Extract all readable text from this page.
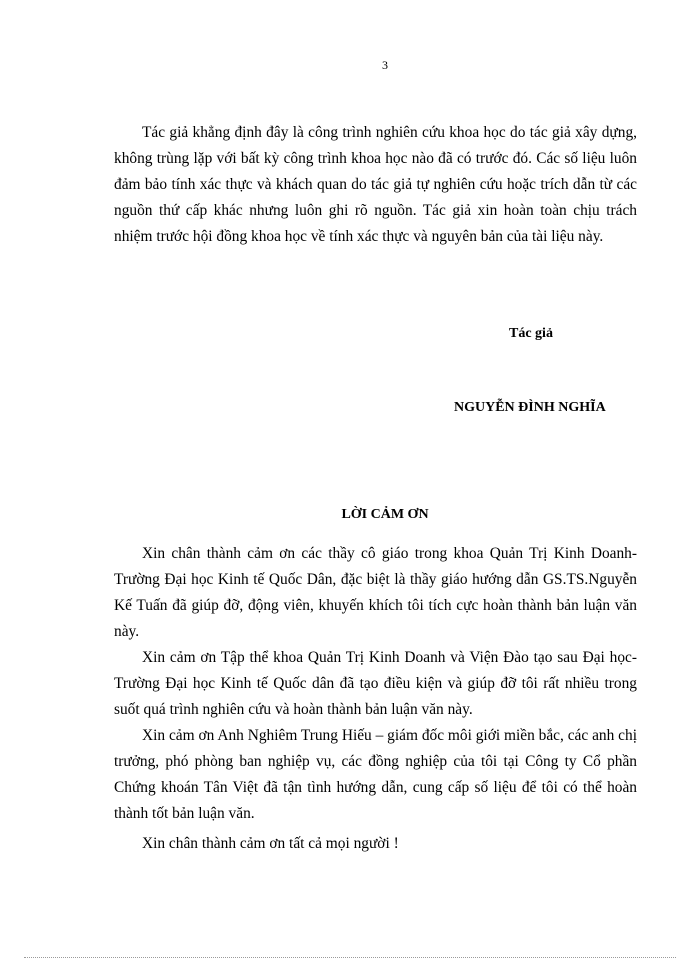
3

Tác giả khẳng định đây là công trình nghiên cứu khoa học do tác giả xây dựng, không trùng lặp với bất kỳ công trình khoa học nào đã có trước đó. Các số liệu luôn đảm bảo tính xác thực và khách quan do tác giả tự nghiên cứu hoặc trích dẫn từ các nguồn thứ cấp khác nhưng luôn ghi rõ nguồn. Tác giả xin hoàn toàn chịu trách nhiệm trước hội đồng khoa học về tính xác thực và nguyên bản của tài liệu này.

Tác giả
NGUYỄN ĐÌNH NGHĨA
LỜI CẢM ƠN

Xin chân thành cảm ơn các thầy cô giáo trong khoa Quản Trị Kinh Doanh-Trường Đại học Kinh tế Quốc Dân, đặc biệt là thầy giáo hướng dẫn GS.TS.Nguyễn Kế Tuấn đã giúp đỡ, động viên, khuyến khích tôi tích cực hoàn thành bản luận văn này.

Xin cảm ơn Tập thể khoa Quản Trị Kinh Doanh và Viện Đào tạo sau Đại học-Trường Đại học Kinh tế Quốc dân đã tạo điều kiện và giúp đỡ tôi rất nhiều trong suốt quá trình nghiên cứu và hoàn thành bản luận văn này.

Xin cảm ơn Anh Nghiêm Trung Hiếu – giám đốc môi giới miền bắc, các anh chị trưởng, phó phòng ban nghiệp vụ, các đồng nghiệp của tôi tại Công ty Cổ phần Chứng khoán Tân Việt đã tận tình hướng dẫn, cung cấp số liệu để tôi có thể hoàn thành tốt bản luận văn.

Xin chân thành cảm ơn tất cả mọi người !
